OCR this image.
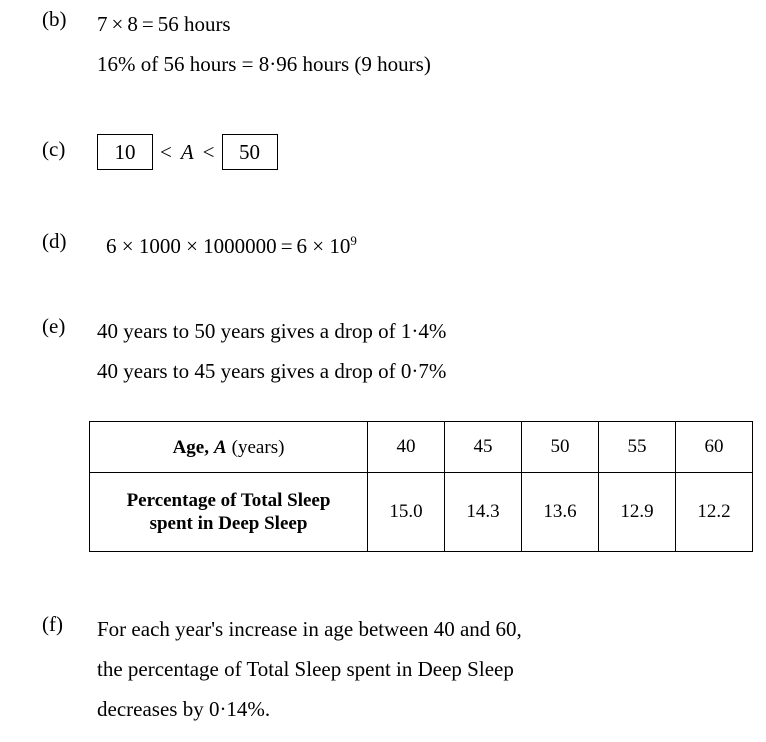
(b)	7 × 8 = 56 hours
16% of 56 hours = 8·96 hours (9 hours)
(c)	10	< A <	50
(d)	$6 \times 1000 \times 1000000 = 6 \times 10^9$
(e)	40 years to 50 years gives a drop of 1·4%
40 years to 45 years gives a drop of 0·7%
Age, A (years)	40	45	50	55	60
Percentage of Total Sleep
spent in Deep Sleep	15.0	14.3	13.6	12.9	12.2
(f)	For each year's increase in age between 40 and 60,
the percentage of Total Sleep spent in Deep Sleep
decreases by 0·14%.
